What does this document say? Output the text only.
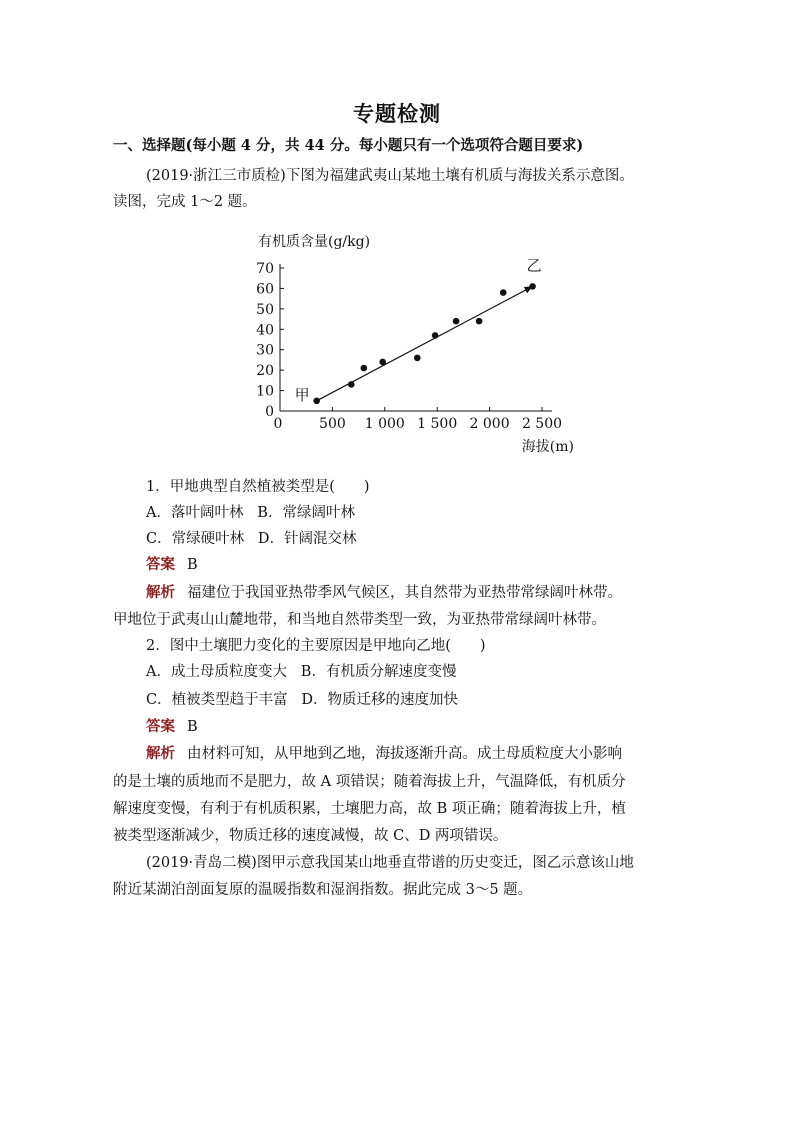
专题检测
一、选择题(每小题 4 分，共 44 分。每小题只有一个选项符合题目要求)
(2019·浙江三市质检)下图为福建武夷山某地土壤有机质与海拔关系示意图。
读图，完成 1～2 题。
有机质含量(g/kg)
海拔(m)
0
10
20
30
40
50
60
70
0	500 1 000 1 500 2 000 2 500
甲
乙
1．甲地典型自然植被类型是(　　)
A．落叶阔叶林   B．常绿阔叶林
C．常绿硬叶林   D．针阔混交林
答案 B
解析 福建位于我国亚热带季风气候区，其自然带为亚热带常绿阔叶林带。
甲地位于武夷山山麓地带，和当地自然带类型一致，为亚热带常绿阔叶林带。
2．图中土壤肥力变化的主要原因是甲地向乙地(　　)
A．成土母质粒度变大   B．有机质分解速度变慢
C．植被类型趋于丰富   D．物质迁移的速度加快
答案 B
解析 由材料可知，从甲地到乙地，海拔逐渐升高。成土母质粒度大小影响
的是土壤的质地而不是肥力，故 A 项错误；随着海拔上升，气温降低，有机质分
解速度变慢，有利于有机质积累，土壤肥力高，故 B 项正确；随着海拔上升，植
被类型逐渐减少，物质迁移的速度减慢，故 C、D 两项错误。
(2019·青岛二模)图甲示意我国某山地垂直带谱的历史变迁，图乙示意该山地
附近某湖泊剖面复原的温暖指数和湿润指数。据此完成 3～5 题。
